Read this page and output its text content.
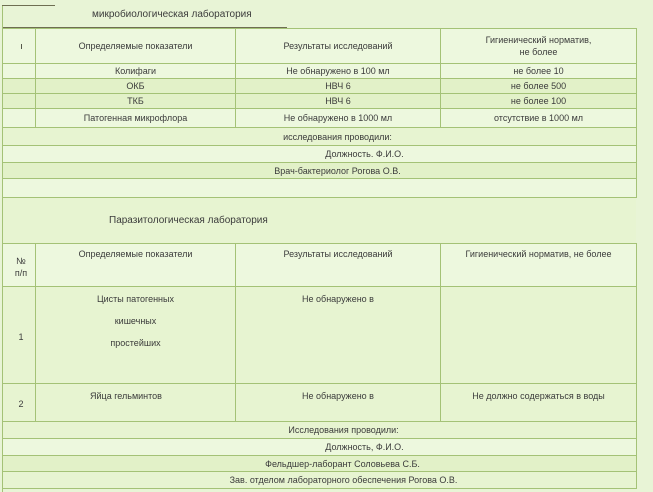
микробиологическая лаборатория
	Определяемые показатели	Результаты исследований	Гигиенический норматив,
не более

	Колифаги	Не обнаружено в 100 мл	не более 10
	ОКБ	НВЧ 6	не более 500
	ТКБ	НВЧ 6	не более 100
	Патогенная микрофлора	Не обнаружено в 1000 мл	отсутствие в 1000 мл
исследования проводили:			
Должность. Ф.И.О.			
Врач-бактериолог Рогова О.В.			

Паразитологическая лаборатория
№
п/п	Определяемые показатели	Результаты исследований	Гигиенический норматив, не более
1	Цисты патогенных
кишечных
простейших	Не обнаружено в	
2	Яйца гельминтов	Не обнаружено в	Не должно содержаться в воды
Исследования проводили:			
Должность, Ф.И.О.			
Фельдшер-лаборант Соловьева С.Б.			
Зав. отделом лабораторного обеспечения Рогова О.В.			
